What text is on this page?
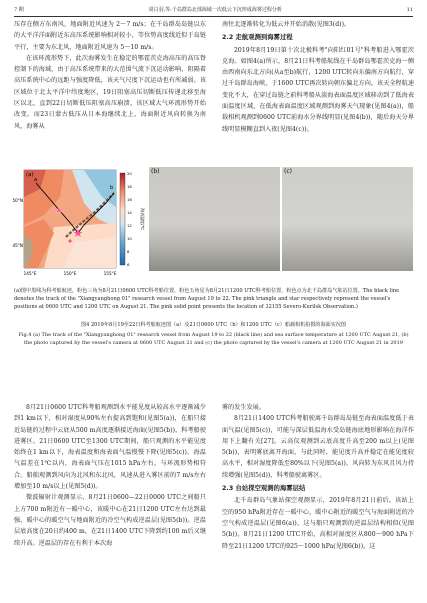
7 期	周白羽,等:千岛群岛北部海域一次低云下沉形成海雾过程分析	11

压存在侧方东南风，地面附近风速为 2～7 m/s；在千岛群岛岛链以东的大平洋洋面附近东高压系统影响相对较小，等位势高度线近似于岛链平行，主要为东北风，地面附近风速为 5～10 m/s。

在该环流形势下，此次海雾发生在稳定的鄂霍茨克海高压的高压脊控制下的海域，由于高压系统带来的大范围气流下沉运动影响，阻隔着高压系统中心的远距与强度降低，该天气尺度下沉运动也有所减弱。该区域位于北太平洋中纬度地区，19日阻塞高压切断低压传递北移至海区以北，直到22日切断低压阻塞高压崩溃，该区域大气环流形势开始改变。而23日蒙古低压从日本海继续北上，海面附近风向转换为南风，海雾从

南往北逐渐转化为低云并开始消散(见图3(d))。

2.2 走航观测到海雾过程

2019年8月19日第十次北极科考"向阳红01号"科考船进入鄂霍茨克海。如图4(a)所示，8月21日科考船航线在千岛群岛鄂霍茨克海一侧由西南向东北方向(从a至b)航行，1200 UTC转向东偏南方向航行，穿过千岛群岛海峡，于1600 UTC再次转向朝东偏北方向。该天全程航速变化不大，在穿过岛链之前科考船从淡海表面温度区域移动到了低海表面温度区域，在低海表面温度区域观测到海雾天气现象(见图4(a))，船载相机观测到0600 UTC前海水分界线明显(见图4(b))，随后海天分界线明显模糊直到入夜(见图4(c))。

a
b
(a)
50°N
45°N
145°E	150°E	155°E
20
18
16
14
12
10
8
6
海表温度/℃
(b)	(c)

(a)图中黑线为科考船航迹，粉色三角为8月21日0600 UTC科考船位置，粉色五角星为8月21日1200 UTC科考船位置，粉色点为北千岛群岛气象站位置。The black line denotes the track of the "Xiangyanghong 01" research vessel from August 19 to 22. The pink triangle and star respectively represent the vessel's positions at 0600 UTC and 1200 UTC on August 21. The pink solid point presents the location of 32155 Severo-Kurilsk Observation.)

图4 2019年8月19至22日科考船航迹图（a）及21日0600 UTC（b）和1200 UTC（c）船载相机拍摄的海面实况图

Fig.4 (a) The track of the "Xiangyanghong 01" research vessel from August 19 to 22 (black line) and sea surface temperature at 1200 UTC August 21, (b) the photo captured by the vessel's camera at 0600 UTC August 21 and (c) the photo captured by the vessel's camera at 1200 UTC August 21 in 2019

8月21日0600 UTC科考船观测到水平能见度从较高水平逐渐减少到1 km以下，相对湿度从90%左右提高到饱和(见图5(a))，在船只接近岛链的过程中云底从500 m高度逐渐接近海面(见图5(b))，科考船驶进雾区。21日0600 UTC至1300 UTC期间，船只观测的水平能见度始终在1 km以下，海表温度和海表面气温慢慢下降(见图5(c))，海温气温差在1℃以内，海表面气压在1015 hPa左右，与环流形势相符合。船舶观测到风向为北风和东北风，风速从进入雾区前的7 m/s左右增加至10 m/s以上(见图5(d))。

微波辐射计观测显示，8月21日0600—22日0000 UTC之间船只上方700 m附近有一暖中心，该暖中心在21日1200 UTC左右达到最强，暖中心的暖空气与地面附近的冷空气构成逆温层(见图5(b))。逆温层底高度在20日约400 m，在21日1400 UTC下降到约100 m后又继续升高。逆温层的存在有利于本次海

雾的发生发展。

8月21日1400 UTC科考船驶离千岛群岛岛链至海表面温度低于表面气温(见图5(c))，可能与深层低温海水受岛链海底地形影响在海洋作用下上翻有关[27]。云高仪观测到云底高度升高至200 m以上(见图5(b))，表明雾底离开海面，与此同时，能见度升高并稳定在能见度较高水平，相对湿度降低至80%以下(见图5(a))，风向转为东风且风力持续增强(见图5(d))，科考船驶离雾区。

2.3 台站探空观测的海雾层结

北千岛群岛气象站探空观测显示，2019年8月21日前后，该站上空的950 hPa附近存在一暖中心，暖中心附近的暖空气与海面附近的冷空气构成逆温层(见图6(a))，这与船只观测到的逆温层结构相似(见图5(b))。8月21日1200 UTC开始，高相对湿度区从800～900 hPa下降至21日1200 UTC的925～1000 hPa(见图6(b))，这
